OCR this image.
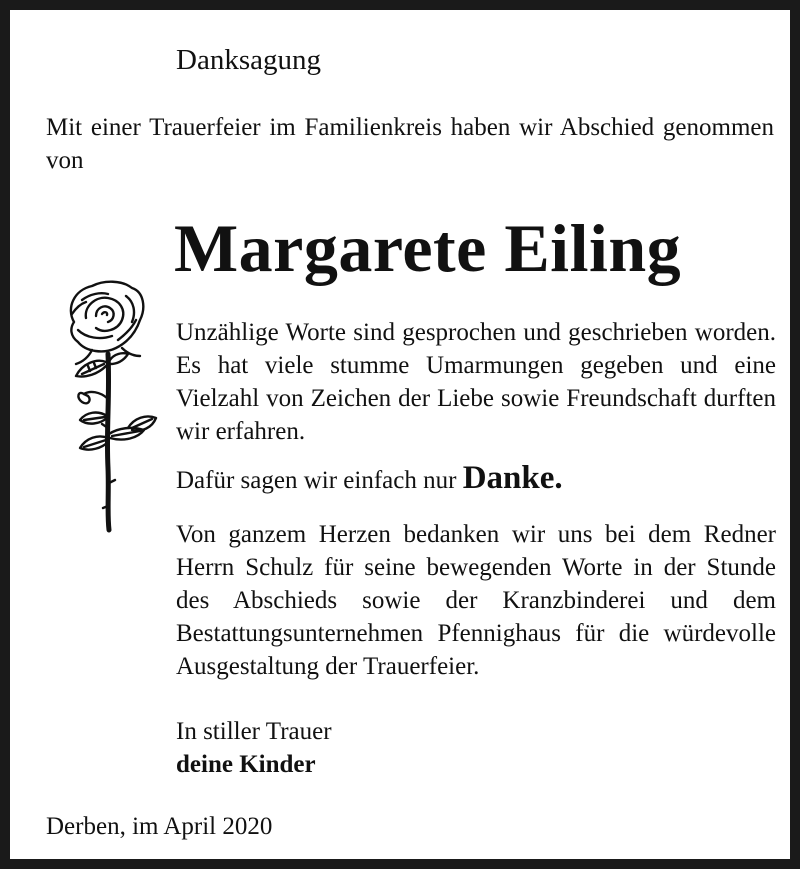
Danksagung

Mit einer Trauerfeier im Familienkreis haben wir Abschied genommen von

Margarete Eiling

Unzählige Worte sind gesprochen und geschrieben worden. Es hat viele stumme Umarmungen gegeben und eine Vielzahl von Zeichen der Liebe sowie Freundschaft durften wir erfahren.

Dafür sagen wir einfach nur Danke.

Von ganzem Herzen bedanken wir uns bei dem Redner Herrn Schulz für seine bewegenden Worte in der Stunde des Abschieds sowie der Kranzbinderei und dem Bestattungsunternehmen Pfennighaus für die würdevolle Ausgestaltung der Trauerfeier.

In stiller Trauer

deine Kinder

Derben, im April 2020
